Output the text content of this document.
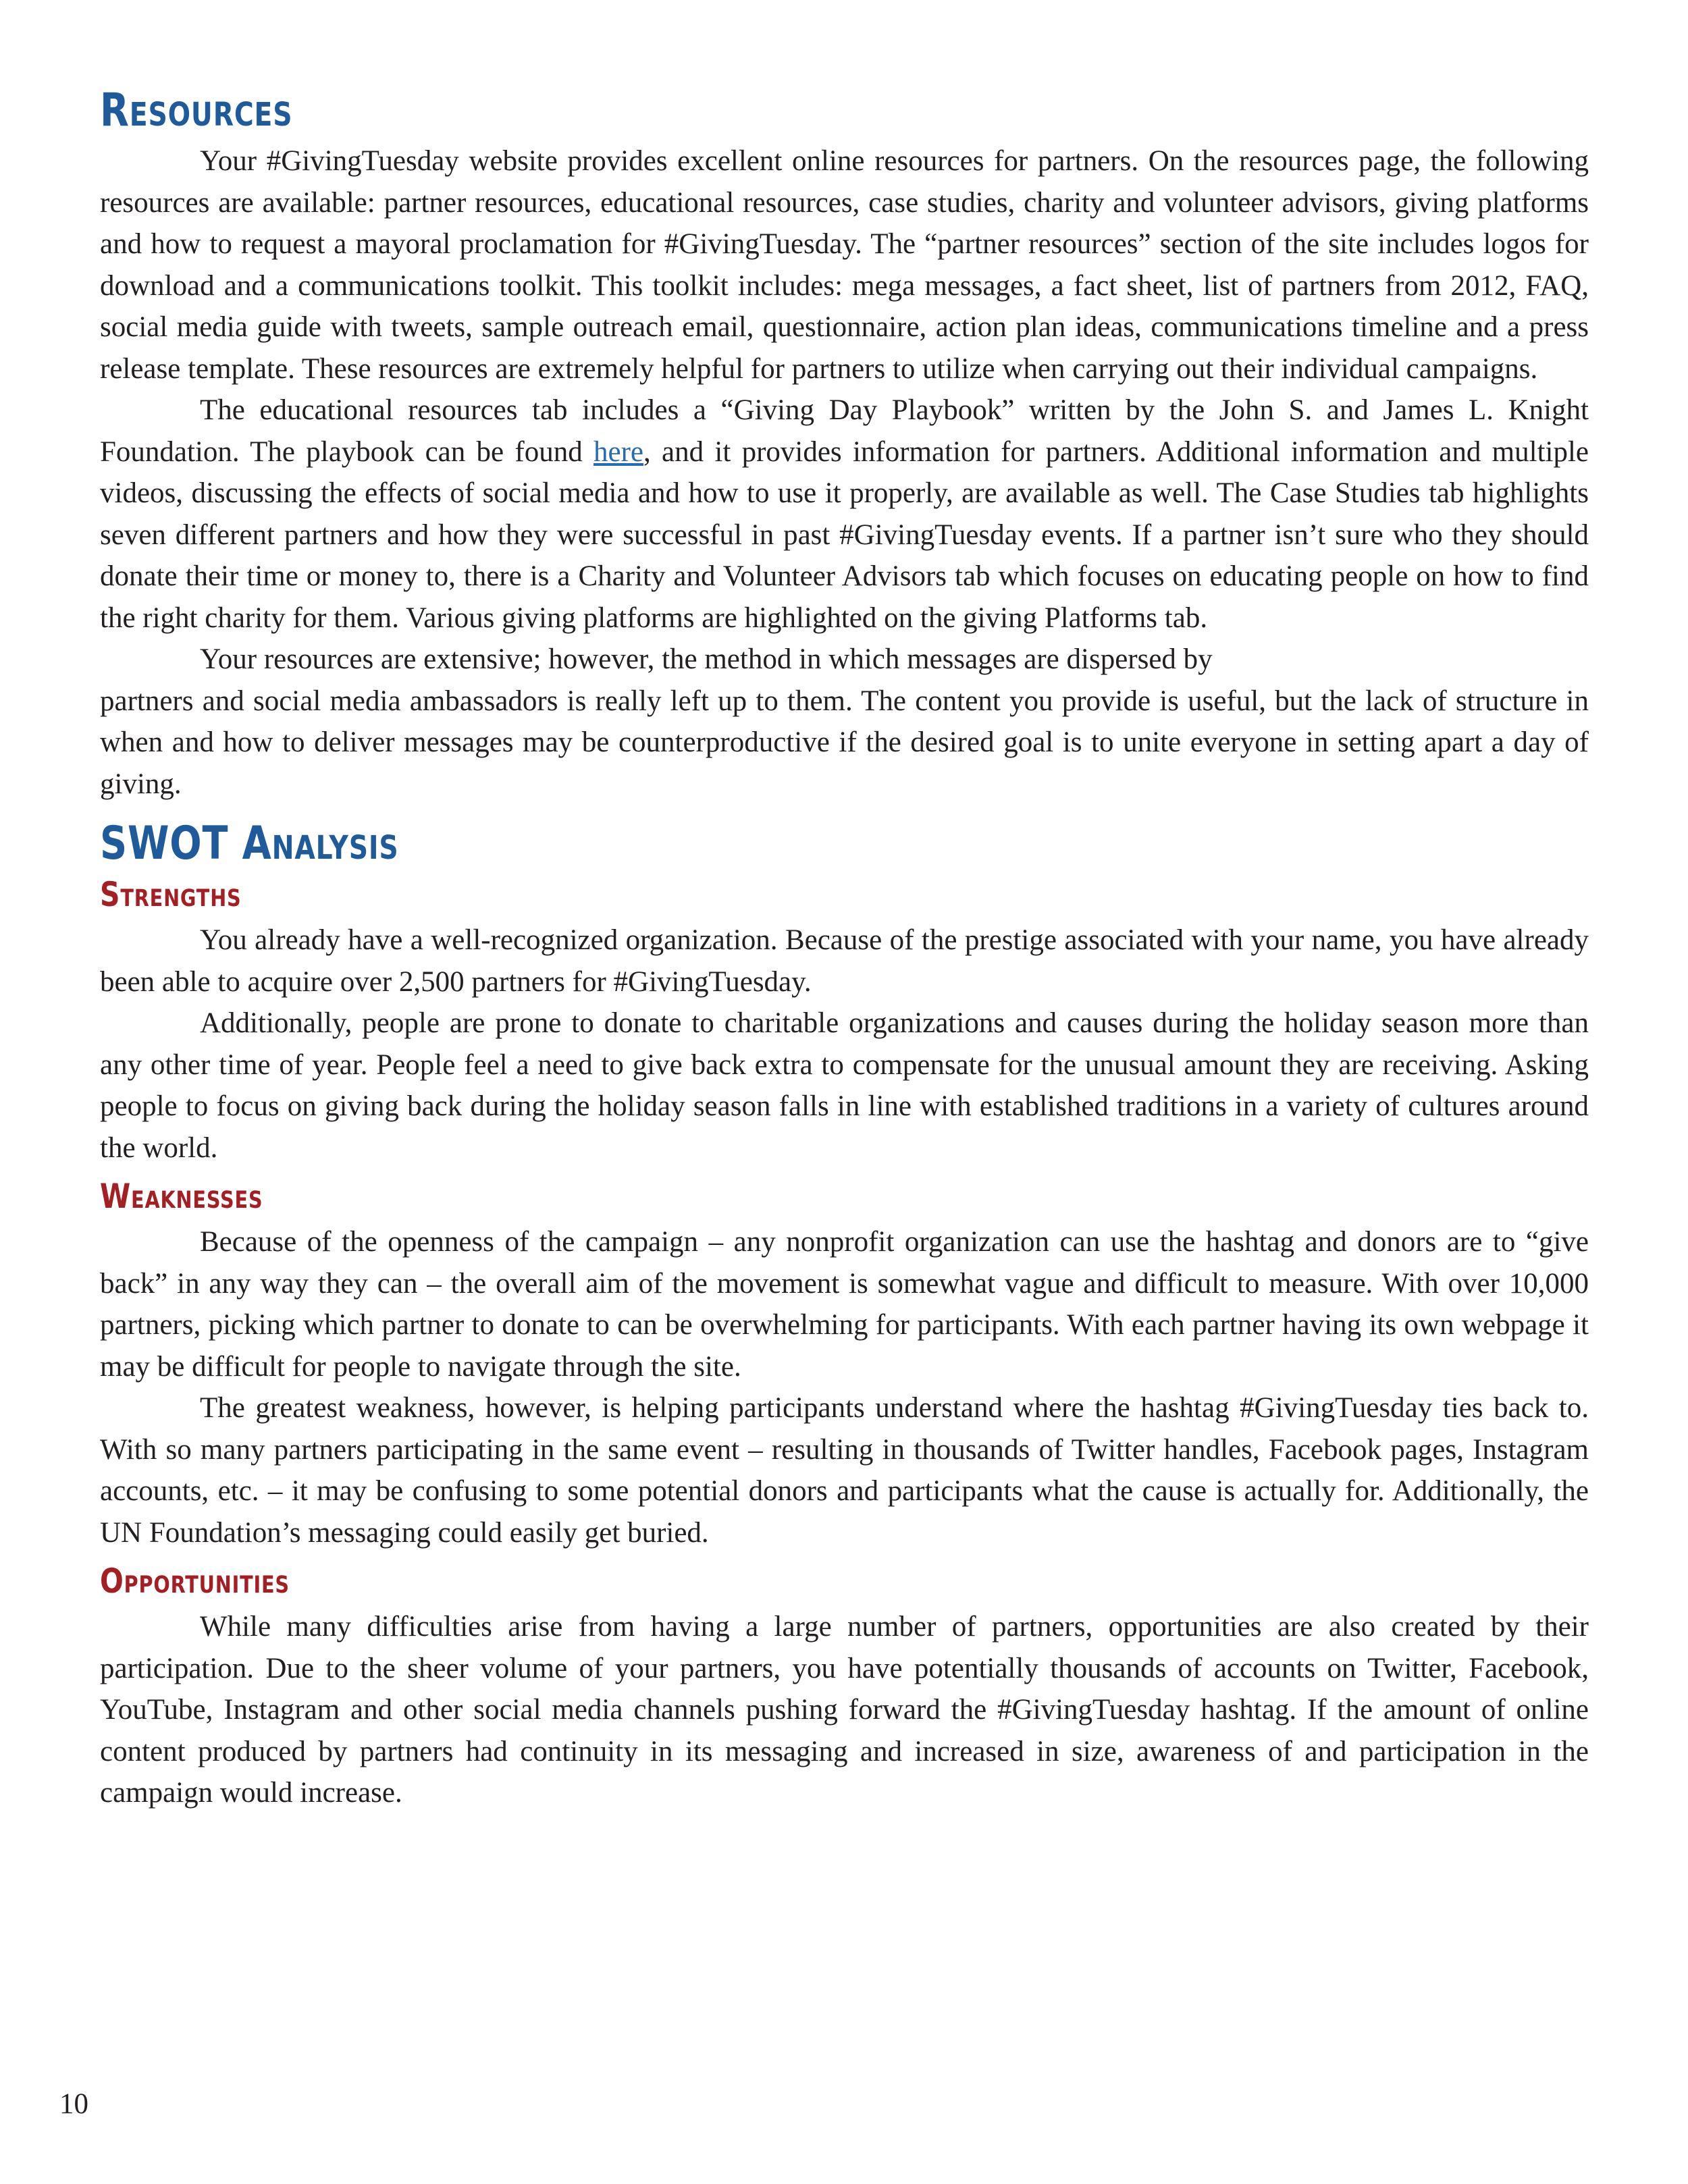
Resources

Your #GivingTuesday website provides excellent online resources for partners. On the resources page, the following resources are available: partner resources, educational resources, case studies, charity and volunteer advisors, giving platforms and how to request a mayoral proclamation for #GivingTuesday. The “partner resources” section of the site includes logos for download and a communications toolkit. This toolkit includes: mega messages, a fact sheet, list of partners from 2012, FAQ, social media guide with tweets, sample outreach email, questionnaire, action plan ideas, communications timeline and a press release template. These resources are extremely helpful for partners to utilize when carrying out their individual campaigns.

The educational resources tab includes a “Giving Day Playbook” written by the John S. and James L. Knight Foundation. The playbook can be found here, and it provides information for partners. Additional information and multiple videos, discussing the effects of social media and how to use it properly, are available as well. The Case Studies tab highlights seven different partners and how they were successful in past #GivingTuesday events. If a partner isn’t sure who they should donate their time or money to, there is a Charity and Volunteer Advisors tab which focuses on educating people on how to find the right charity for them. Various giving platforms are highlighted on the giving Platforms tab.

Your resources are extensive; however, the method in which messages are dispersed by

partners and social media ambassadors is really left up to them. The content you provide is useful, but the lack of structure in when and how to deliver messages may be counterproductive if the desired goal is to unite everyone in setting apart a day of giving.

SWOT Analysis
Strengths

You already have a well-recognized organization. Because of the prestige associated with your name, you have already been able to acquire over 2,500 partners for #GivingTuesday.

Additionally, people are prone to donate to charitable organizations and causes during the holiday season more than any other time of year. People feel a need to give back extra to compensate for the unusual amount they are receiving. Asking people to focus on giving back during the holiday season falls in line with established traditions in a variety of cultures around the world.

Weaknesses

Because of the openness of the campaign – any nonprofit organization can use the hashtag and donors are to “give back” in any way they can – the overall aim of the movement is somewhat vague and difficult to measure. With over 10,000 partners, picking which partner to donate to can be overwhelming for participants. With each partner having its own webpage it may be difficult for people to navigate through the site.

The greatest weakness, however, is helping participants understand where the hashtag #GivingTuesday ties back to. With so many partners participating in the same event – resulting in thousands of Twitter handles, Facebook pages, Instagram accounts, etc. – it may be confusing to some potential donors and participants what the cause is actually for. Additionally, the UN Foundation’s messaging could easily get buried.

Opportunities

While many difficulties arise from having a large number of partners, opportunities are also created by their participation. Due to the sheer volume of your partners, you have potentially thousands of accounts on Twitter, Facebook, YouTube, Instagram and other social media channels pushing forward the #GivingTuesday hashtag. If the amount of online content produced by partners had continuity in its messaging and increased in size, awareness of and participation in the campaign would increase.

10
